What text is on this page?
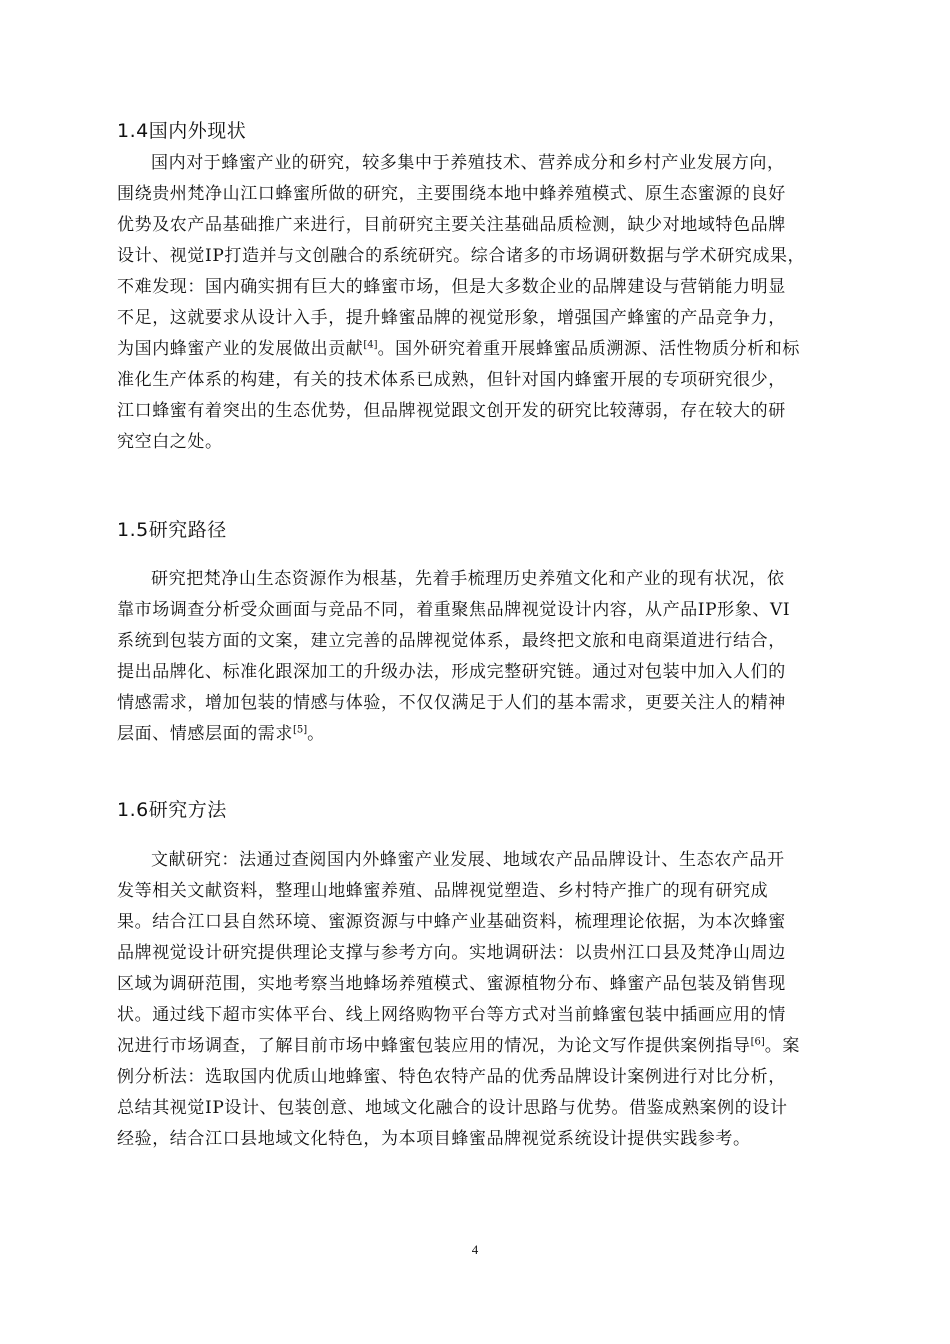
1.4国内外现状
国内对于蜂蜜产业的研究，较多集中于养殖技术、营养成分和乡村产业发展方向，
围绕贵州梵净山江口蜂蜜所做的研究，主要围绕本地中蜂养殖模式、原生态蜜源的良好
优势及农产品基础推广来进行，目前研究主要关注基础品质检测，缺少对地域特色品牌
设计、视觉IP打造并与文创融合的系统研究。综合诸多的市场调研数据与学术研究成果，
不难发现：国内确实拥有巨大的蜂蜜市场，但是大多数企业的品牌建设与营销能力明显
不足，这就要求从设计入手，提升蜂蜜品牌的视觉形象，增强国产蜂蜜的产品竞争力，
为国内蜂蜜产业的发展做出贡献[4]。国外研究着重开展蜂蜜品质溯源、活性物质分析和标
准化生产体系的构建，有关的技术体系已成熟，但针对国内蜂蜜开展的专项研究很少，
江口蜂蜜有着突出的生态优势，但品牌视觉跟文创开发的研究比较薄弱，存在较大的研
究空白之处。
1.5研究路径
研究把梵净山生态资源作为根基，先着手梳理历史养殖文化和产业的现有状况，依
靠市场调查分析受众画面与竞品不同，着重聚焦品牌视觉设计内容，从产品IP形象、VI
系统到包装方面的文案，建立完善的品牌视觉体系，最终把文旅和电商渠道进行结合，
提出品牌化、标准化跟深加工的升级办法，形成完整研究链。通过对包装中加入人们的
情感需求，增加包装的情感与体验，不仅仅满足于人们的基本需求，更要关注人的精神
层面、情感层面的需求[5]。
1.6研究方法
文献研究：法通过查阅国内外蜂蜜产业发展、地域农产品品牌设计、生态农产品开
发等相关文献资料，整理山地蜂蜜养殖、品牌视觉塑造、乡村特产推广的现有研究成
果。结合江口县自然环境、蜜源资源与中蜂产业基础资料，梳理理论依据，为本次蜂蜜
品牌视觉设计研究提供理论支撑与参考方向。实地调研法：以贵州江口县及梵净山周边
区域为调研范围，实地考察当地蜂场养殖模式、蜜源植物分布、蜂蜜产品包装及销售现
状。通过线下超市实体平台、线上网络购物平台等方式对当前蜂蜜包装中插画应用的情
况进行市场调查，了解目前市场中蜂蜜包装应用的情况，为论文写作提供案例指导[6]。案
例分析法：选取国内优质山地蜂蜜、特色农特产品的优秀品牌设计案例进行对比分析，
总结其视觉IP设计、包装创意、地域文化融合的设计思路与优势。借鉴成熟案例的设计
经验，结合江口县地域文化特色，为本项目蜂蜜品牌视觉系统设计提供实践参考。
4
